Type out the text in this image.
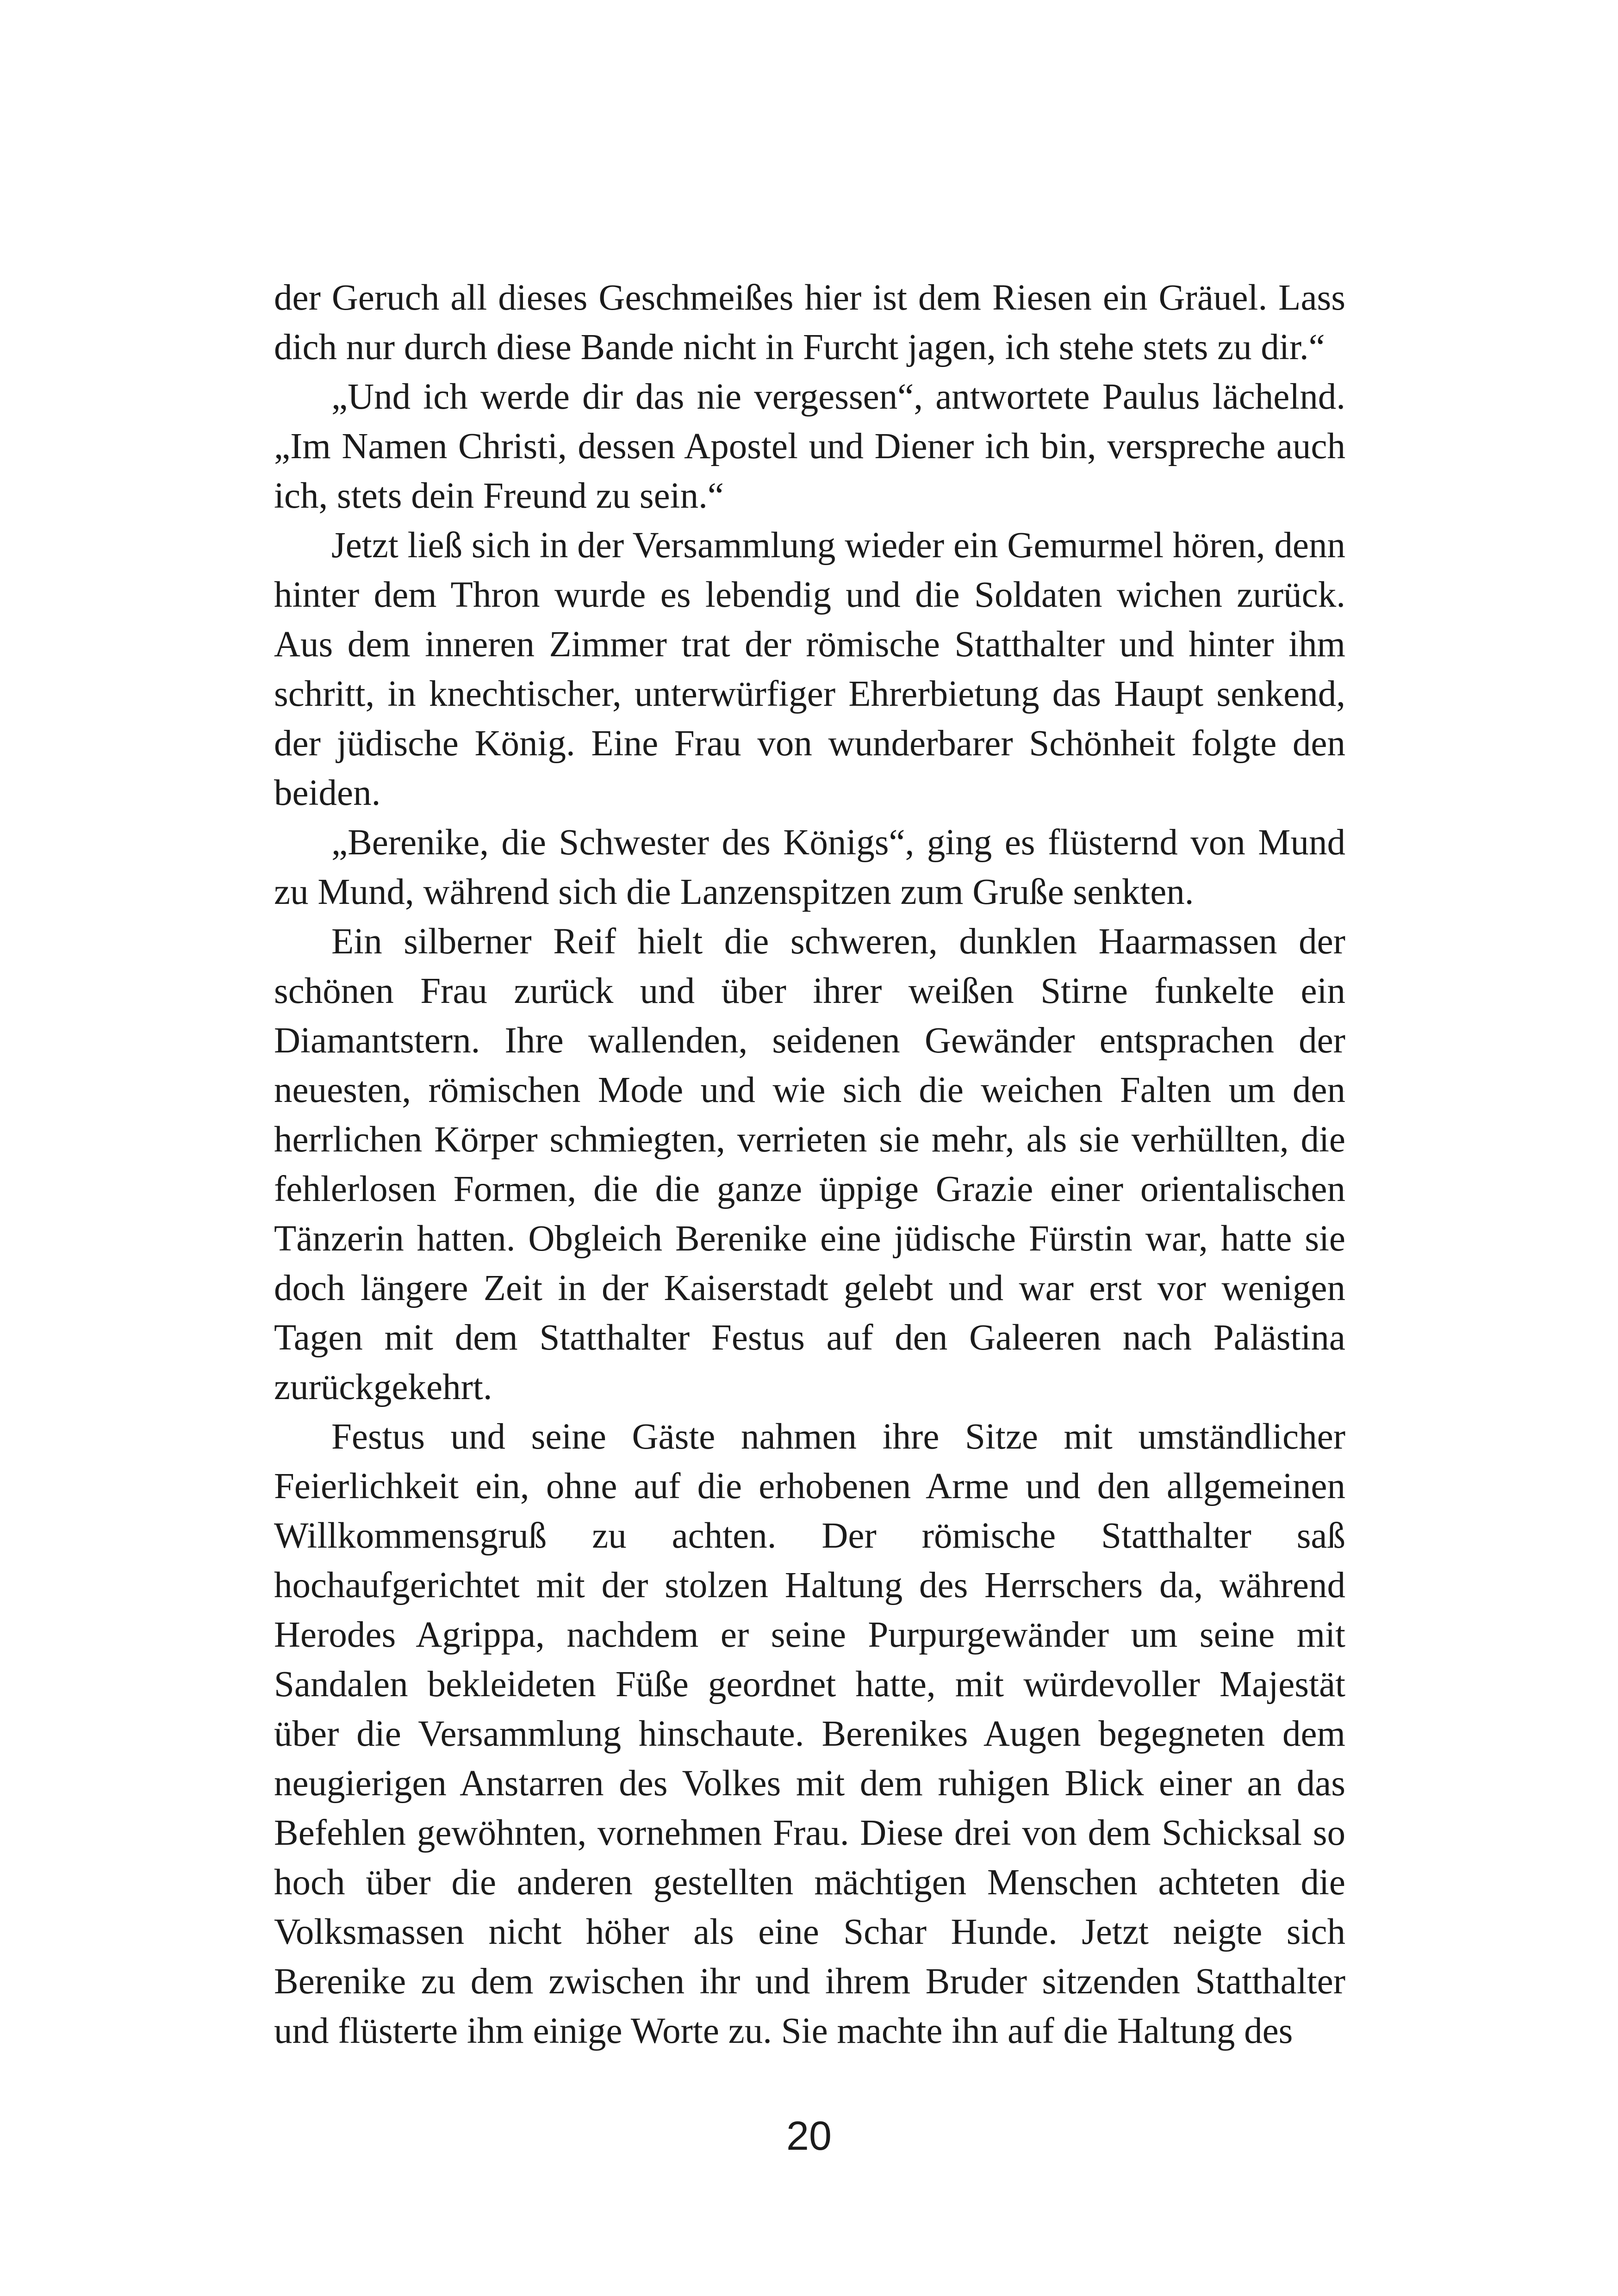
der Geruch all dieses Geschmeißes hier ist dem Riesen ein Gräuel. Lass dich nur durch diese Bande nicht in Furcht jagen, ich stehe stets zu dir.“

„Und ich werde dir das nie vergessen“, antwortete Paulus lächelnd. „Im Namen Christi, dessen Apostel und Diener ich bin, verspreche auch ich, stets dein Freund zu sein.“

Jetzt ließ sich in der Versammlung wieder ein Gemurmel hören, denn hinter dem Thron wurde es lebendig und die Soldaten wichen zurück. Aus dem inneren Zimmer trat der römische Statthalter und hinter ihm schritt, in knechtischer, unterwürfiger Ehrerbietung das Haupt senkend, der jüdische König. Eine Frau von wunderbarer Schönheit folgte den beiden.

„Berenike, die Schwester des Königs“, ging es flüsternd von Mund zu Mund, während sich die Lanzenspitzen zum Gruße senkten.

Ein silberner Reif hielt die schweren, dunklen Haarmassen der schönen Frau zurück und über ihrer weißen Stirne funkelte ein Diamantstern. Ihre wallenden, seidenen Gewänder entsprachen der neuesten, römischen Mode und wie sich die weichen Falten um den herrlichen Körper schmiegten, verrieten sie mehr, als sie verhüllten, die fehlerlosen Formen, die die ganze üppige Grazie einer orientalischen Tänzerin hatten. Obgleich Berenike eine jüdische Fürstin war, hatte sie doch längere Zeit in der Kaiserstadt gelebt und war erst vor wenigen Tagen mit dem Statthalter Festus auf den Galeeren nach Palästina zurückgekehrt.

Festus und seine Gäste nahmen ihre Sitze mit umständlicher Feierlichkeit ein, ohne auf die erhobenen Arme und den allgemeinen Willkommensgruß zu achten. Der römische Statthalter saß hochaufgerichtet mit der stolzen Haltung des Herrschers da, während Herodes Agrippa, nachdem er seine Purpurgewänder um seine mit Sandalen bekleideten Füße geordnet hatte, mit würdevoller Majestät über die Versammlung hinschaute. Berenikes Augen begegneten dem neugierigen Anstarren des Volkes mit dem ruhigen Blick einer an das Befehlen gewöhnten, vornehmen Frau. Diese drei von dem Schicksal so hoch über die anderen gestellten mächtigen Menschen achteten die Volksmassen nicht höher als eine Schar Hunde. Jetzt neigte sich Berenike zu dem zwischen ihr und ihrem Bruder sitzenden Statthalter und flüsterte ihm einige Worte zu. Sie machte ihn auf die Haltung des

20
